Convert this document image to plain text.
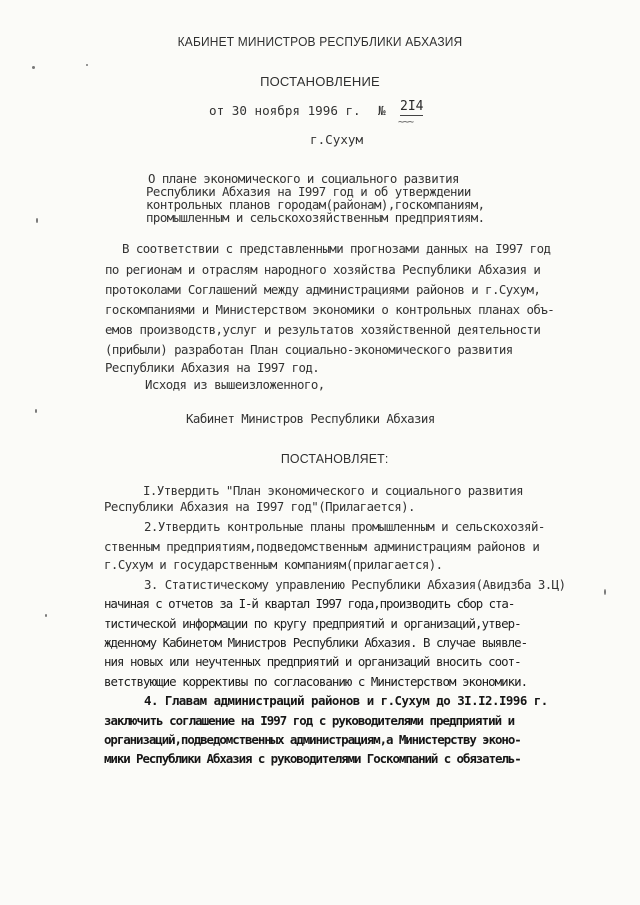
КАБИНЕТ МИНИСТРОВ РЕСПУБЛИКИ АБХАЗИЯ
ПОСТАНОВЛЕНИЕ
от 30 ноября 1996 г. № 2I4
~~~
г.Сухум
О плане экономического и социального развития
Республики Абхазия на I997 год и об утверждении
контрольных планов городам(районам),госкомпаниям,
промышленным и сельскохозяйственным предприятиям.
В соответствии с представленными прогнозами данных на I997 год
по регионам и отраслям народного хозяйства Республики Абхазия и
протоколами Соглашений между администрациями районов и г.Сухум,
госкомпаниями и Министерством экономики о контрольных планах объ-
емов производств,услуг и результатов хозяйственной деятельности
(прибыли) разработан План социально-экономического развития
Республики Абхазия на I997 год.
Исходя из вышеизложенного,
Кабинет Министров Республики Абхазия
ПОСТАНОВЛЯЕТ:
I.Утвердить "План экономического и социального развития
Республики Абхазия на I997 год"(Прилагается).
2.Утвердить контрольные планы промышленным и сельскохозяй-
ственным предприятиям,подведомственным администрациям районов и
г.Сухум и государственным компаниям(прилагается).
3. Статистическому управлению Республики Абхазия(Авидзба З.Ц)
начиная с отчетов за I-й квартал I997 года,производить сбор ста-
тистической информации по кругу предприятий и организаций,утвер-
жденному Кабинетом Министров Республики Абхазия. В случае выявле-
ния новых или неучтенных предприятий и организаций вносить соот-
ветствующие коррективы по согласованию с Министерством экономики.
4. Главам администраций районов и г.Сухум до 3I.I2.I996 г.
заключить соглашение на I997 год с руководителями предприятий и
организаций,подведомственных администрациям,а Министерству эконо-
мики Республики Абхазия с руководителями Госкомпаний с обязатель-
